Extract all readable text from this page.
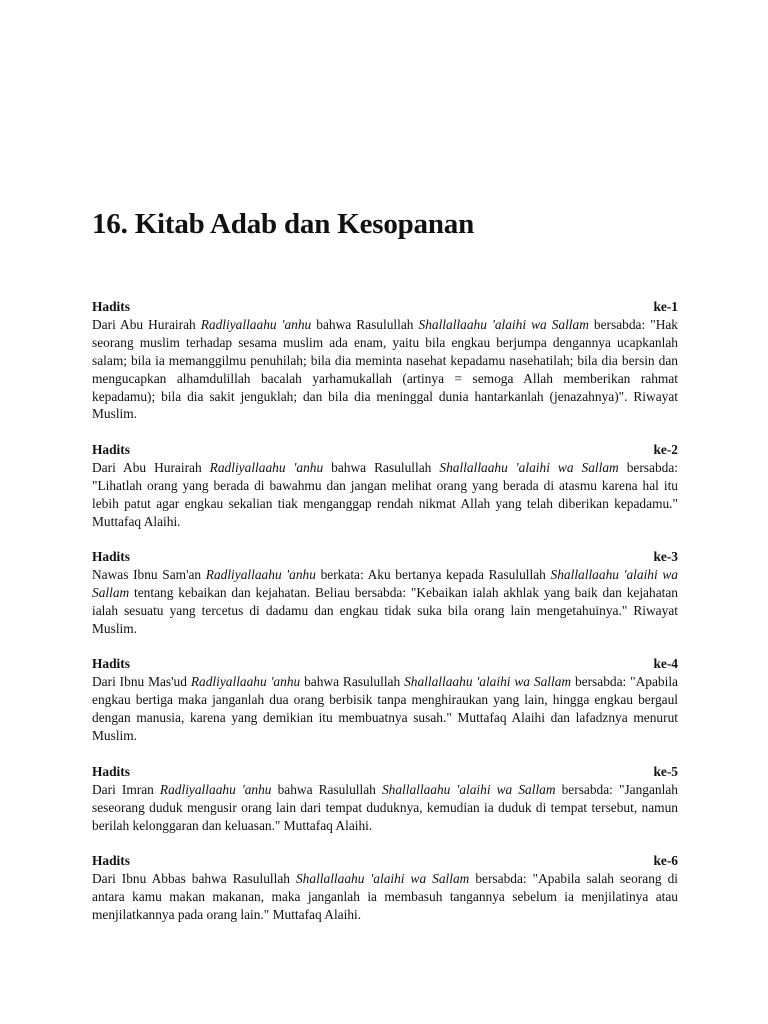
16. Kitab Adab dan Kesopanan
Hadits	ke-1

Dari Abu Hurairah Radliyallaahu 'anhu bahwa Rasulullah Shallallaahu 'alaihi wa Sallam bersabda: "Hak seorang muslim terhadap sesama muslim ada enam, yaitu bila engkau berjumpa dengannya ucapkanlah salam; bila ia memanggilmu penuhilah; bila dia meminta nasehat kepadamu nasehatilah; bila dia bersin dan mengucapkan alhamdulillah bacalah yarhamukallah (artinya = semoga Allah memberikan rahmat kepadamu); bila dia sakit jenguklah; dan bila dia meninggal dunia hantarkanlah (jenazahnya)". Riwayat Muslim.

Hadits	ke-2

Dari Abu Hurairah Radliyallaahu 'anhu bahwa Rasulullah Shallallaahu 'alaihi wa Sallam bersabda: "Lihatlah orang yang berada di bawahmu dan jangan melihat orang yang berada di atasmu karena hal itu lebih patut agar engkau sekalian tiak menganggap rendah nikmat Allah yang telah diberikan kepadamu." Muttafaq Alaihi.

Hadits	ke-3

Nawas Ibnu Sam'an Radliyallaahu 'anhu berkata: Aku bertanya kepada Rasulullah Shallallaahu 'alaihi wa Sallam tentang kebaikan dan kejahatan. Beliau bersabda: "Kebaikan ialah akhlak yang baik dan kejahatan ialah sesuatu yang tercetus di dadamu dan engkau tidak suka bila orang lain mengetahuinya." Riwayat Muslim.

Hadits	ke-4

Dari Ibnu Mas'ud Radliyallaahu 'anhu bahwa Rasulullah Shallallaahu 'alaihi wa Sallam bersabda: "Apabila engkau bertiga maka janganlah dua orang berbisik tanpa menghiraukan yang lain, hingga engkau bergaul dengan manusia, karena yang demikian itu membuatnya susah." Muttafaq Alaihi dan lafadznya menurut Muslim.

Hadits	ke-5

Dari Imran Radliyallaahu 'anhu bahwa Rasulullah Shallallaahu 'alaihi wa Sallam bersabda: "Janganlah seseorang duduk mengusir orang lain dari tempat duduknya, kemudian ia duduk di tempat tersebut, namun berilah kelonggaran dan keluasan." Muttafaq Alaihi.

Hadits	ke-6

Dari Ibnu Abbas bahwa Rasulullah Shallallaahu 'alaihi wa Sallam bersabda: "Apabila salah seorang di antara kamu makan makanan, maka janganlah ia membasuh tangannya sebelum ia menjilatinya atau menjilatkannya pada orang lain." Muttafaq Alaihi.
